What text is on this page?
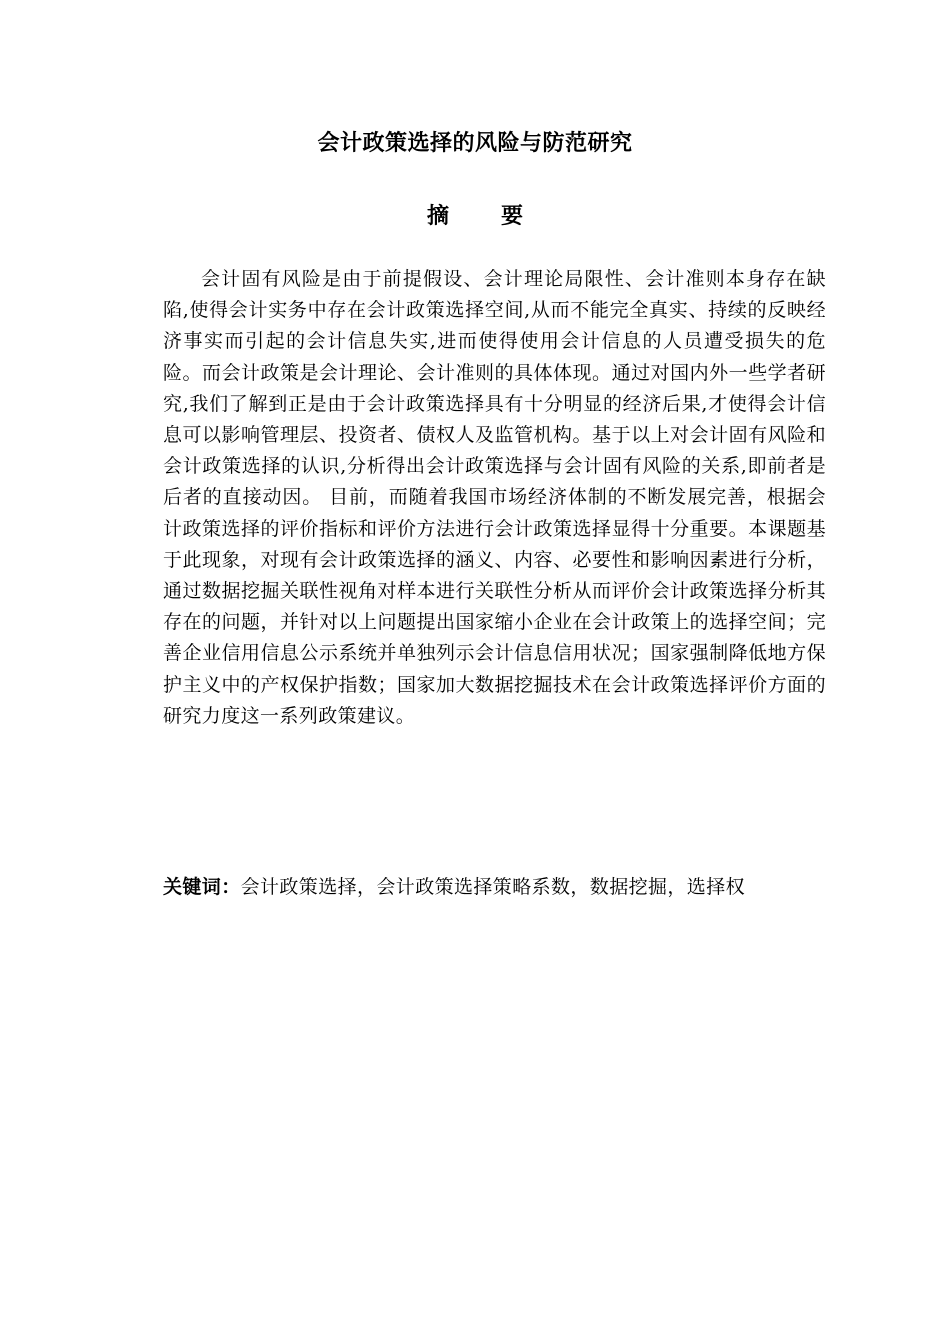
会计政策选择的风险与防范研究
摘要

会计固有风险是由于前提假设、会计理论局限性、会计准则本身存在缺陷,使得会计实务中存在会计政策选择空间,从而不能完全真实、持续的反映经济事实而引起的会计信息失实,进而使得使用会计信息的人员遭受损失的危险。而会计政策是会计理论、会计准则的具体体现。通过对国内外一些学者研究,我们了解到正是由于会计政策选择具有十分明显的经济后果,才使得会计信息可以影响管理层、投资者、债权人及监管机构。基于以上对会计固有风险和会计政策选择的认识,分析得出会计政策选择与会计固有风险的关系,即前者是后者的直接动因。 目前，而随着我国市场经济体制的不断发展完善，根据会计政策选择的评价指标和评价方法进行会计政策选择显得十分重要。本课题基于此现象，对现有会计政策选择的涵义、内容、必要性和影响因素进行分析，通过数据挖掘关联性视角对样本进行关联性分析从而评价会计政策选择分析其存在的问题，并针对以上问题提出国家缩小企业在会计政策上的选择空间；完善企业信用信息公示系统并单独列示会计信息信用状况；国家强制降低地方保护主义中的产权保护指数；国家加大数据挖掘技术在会计政策选择评价方面的研究力度这一系列政策建议。

关键词：会计政策选择，会计政策选择策略系数，数据挖掘，选择权
